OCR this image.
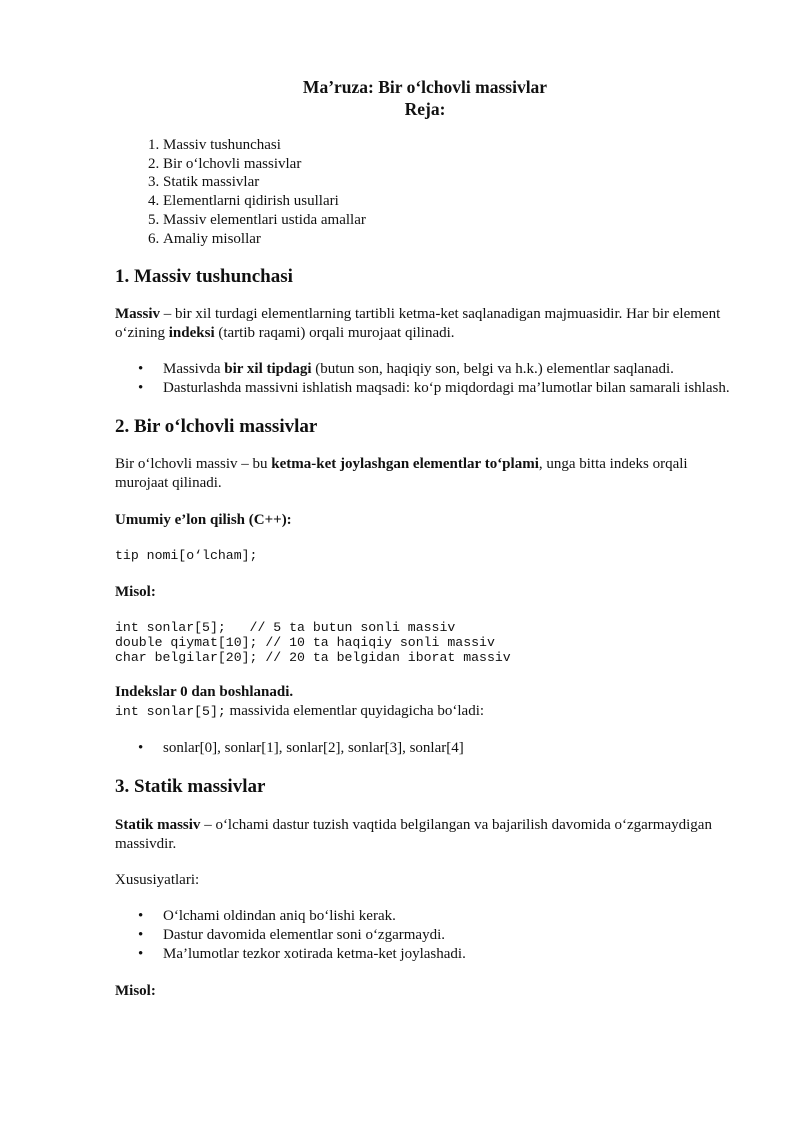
Ma’ruza: Bir o‘lchovli massivlar

Reja:

1. Massiv tushunchasi
2. Bir o‘lchovli massivlar
3. Statik massivlar
4. Elementlarni qidirish usullari
5. Massiv elementlari ustida amallar
6. Amaliy misollar
1. Massiv tushunchasi

Massiv – bir xil turdagi elementlarning tartibli ketma-ket saqlanadigan majmuasidir. Har bir element o‘zining indeksi (tartib raqami) orqali murojaat qilinadi.

• Massivda bir xil tipdagi (butun son, haqiqiy son, belgi va h.k.) elementlar saqlanadi.
• Dasturlashda massivni ishlatish maqsadi: ko‘p miqdordagi ma’lumotlar bilan samarali ishlash.
2. Bir o‘lchovli massivlar

Bir o‘lchovli massiv – bu ketma-ket joylashgan elementlar to‘plami, unga bitta indeks orqali murojaat qilinadi.

Umumiy e’lon qilish (C++):

tip nomi[o‘lcham];

Misol:

int sonlar[5];   // 5 ta butun sonli massiv
double qiymat[10]; // 10 ta haqiqiy sonli massiv
char belgilar[20]; // 20 ta belgidan iborat massiv

Indekslar 0 dan boshlanadi.

int sonlar[5]; massivida elementlar quyidagicha bo‘ladi:

• sonlar[0], sonlar[1], sonlar[2], sonlar[3], sonlar[4]
3. Statik massivlar

Statik massiv – o‘lchami dastur tuzish vaqtida belgilangan va bajarilish davomida o‘zgarmaydigan massivdir.

Xususiyatlari:

• O‘lchami oldindan aniq bo‘lishi kerak.
• Dastur davomida elementlar soni o‘zgarmaydi.
• Ma’lumotlar tezkor xotirada ketma-ket joylashadi.

Misol:
